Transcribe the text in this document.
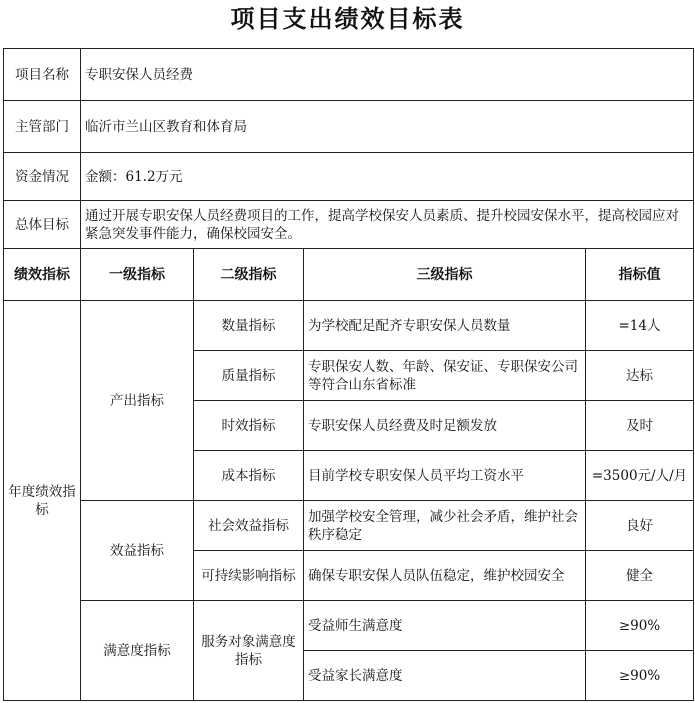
项目支出绩效目标表
项目名称	专职安保人员经费			
主管部门	临沂市兰山区教育和体育局			
资金情况	金额：61.2万元			
总体目标	通过开展专职安保人员经费项目的工作，提高学校保安人员素质、提升校园安保水平，提高校园应对紧急突发事件能力，确保校园安全。			
绩效指标	一级指标	二级指标	三级指标	指标值
年度绩效指标	产出指标	数量指标	为学校配足配齐专职安保人员数量	=14人
		质量指标	专职保安人数、年龄、保安证、专职保安公司等符合山东省标准	达标
		时效指标	专职安保人员经费及时足额发放	及时
		成本指标	目前学校专职安保人员平均工资水平	=3500元/人/月
	效益指标	社会效益指标	加强学校安全管理，减少社会矛盾，维护社会秩序稳定	良好
		可持续影响指标	确保专职安保人员队伍稳定，维护校园安全	健全
	满意度指标	服务对象满意度指标	受益师生满意度	≥90%
			受益家长满意度	≥90%
